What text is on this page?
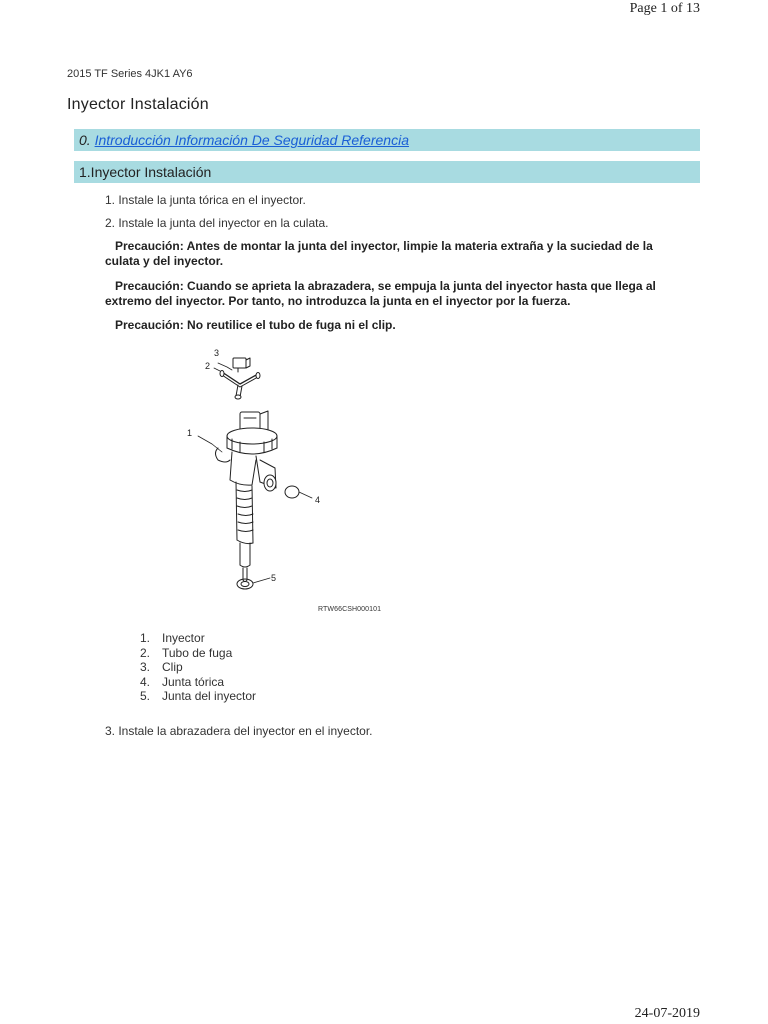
Page 1 of 13
2015 TF Series 4JK1 AY6
Inyector Instalación
0. Introducción Información De Seguridad Referencia
1.Inyector Instalación
1. Instale la junta tórica en el inyector.
2. Instale la junta del inyector en la culata.
Precaución: Antes de montar la junta del inyector, limpie la materia extraña y la suciedad de la culata y del inyector.
Precaución: Cuando se aprieta la abrazadera, se empuja la junta del inyector hasta que llega al extremo del inyector. Por tanto, no introduzca la junta en el inyector por la fuerza.
Precaución: No reutilice el tubo de fuga ni el clip.
3
2
1
4
5
RTW66CSH000101
1. Inyector
2. Tubo de fuga
3. Clip
4. Junta tórica
5. Junta del inyector
3. Instale la abrazadera del inyector en el inyector.
24-07-2019
